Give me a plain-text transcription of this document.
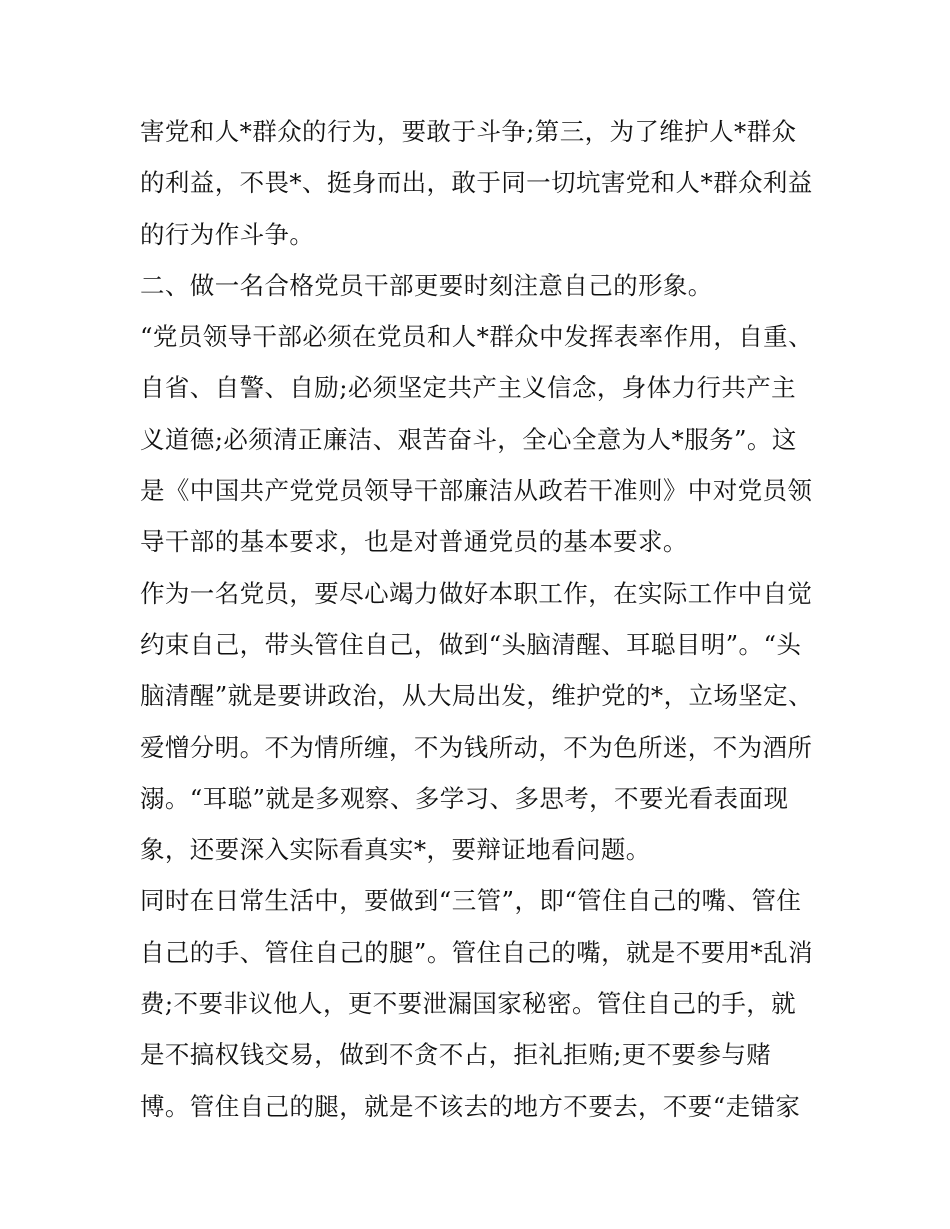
害党和人*群众的行为，要敢于斗争;第三，为了维护人*群众
的利益，不畏*、挺身而出，敢于同一切坑害党和人*群众利益
的行为作斗争。
二、做一名合格党员干部更要时刻注意自己的形象。
“党员领导干部必须在党员和人*群众中发挥表率作用，自重、
自省、自警、自励;必须坚定共产主义信念，身体力行共产主
义道德;必须清正廉洁、艰苦奋斗，全心全意为人*服务”。这
是《中国共产党党员领导干部廉洁从政若干准则》中对党员领
导干部的基本要求，也是对普通党员的基本要求。
作为一名党员，要尽心竭力做好本职工作，在实际工作中自觉
约束自己，带头管住自己，做到“头脑清醒、耳聪目明”。“头
脑清醒”就是要讲政治，从大局出发，维护党的*，立场坚定、
爱憎分明。不为情所缠，不为钱所动，不为色所迷，不为酒所
溺。“耳聪”就是多观察、多学习、多思考，不要光看表面现
象，还要深入实际看真实*，要辩证地看问题。
同时在日常生活中，要做到“三管”，即“管住自己的嘴、管住
自己的手、管住自己的腿”。管住自己的嘴，就是不要用*乱消
费;不要非议他人，更不要泄漏国家秘密。管住自己的手，就
是不搞权钱交易，做到不贪不占，拒礼拒贿;更不要参与赌
博。管住自己的腿，就是不该去的地方不要去，不要“走错家
